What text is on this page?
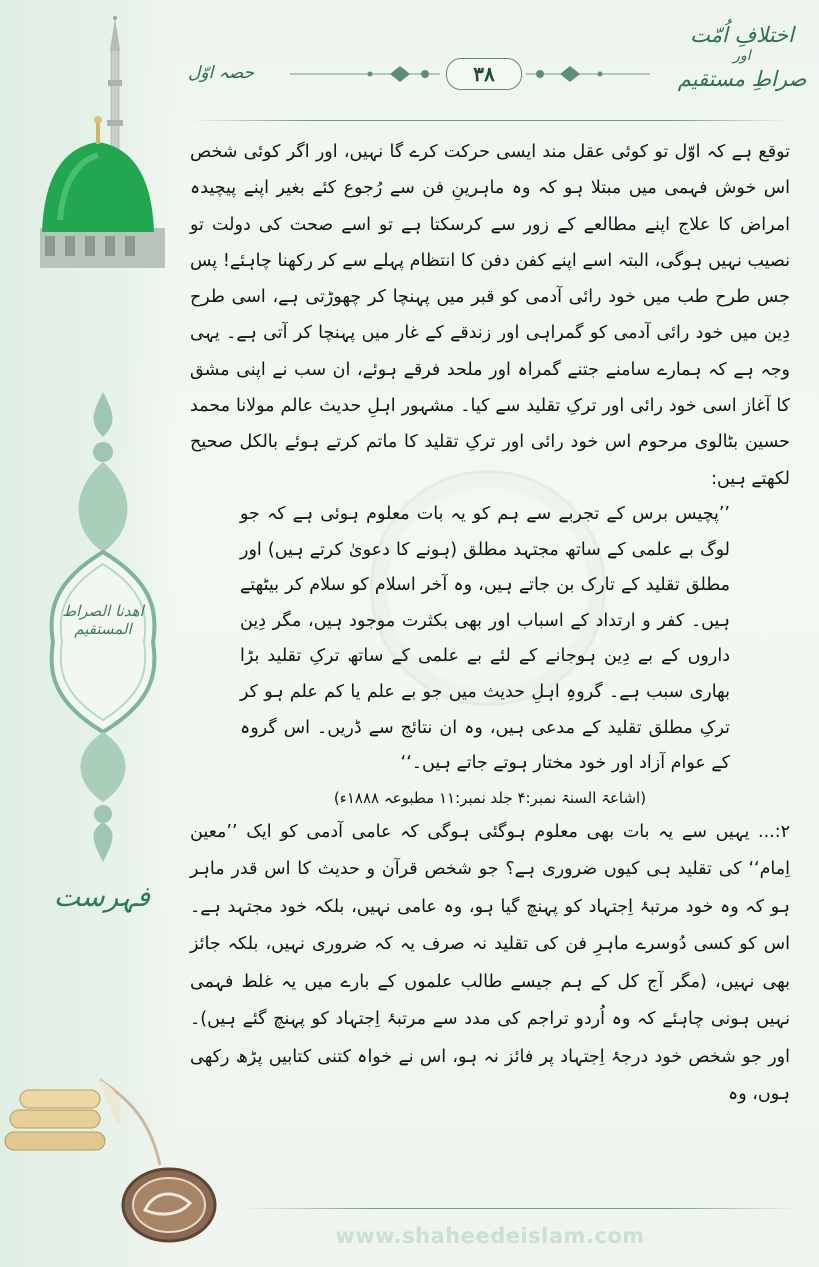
اهدنا الصراط المستقیم
فہرست
اختلافِ اُمّت
اور
صراطِ مستقیم
۳۸
حصہ اوّل

توقع ہے کہ اوّل تو کوئی عقل مند ایسی حرکت کرے گا نہیں، اور اگر کوئی شخص اس خوش فہمی میں مبتلا ہو کہ وہ ماہرینِ فن سے رُجوع کئے بغیر اپنے پیچیدہ امراض کا علاج اپنے مطالعے کے زور سے کرسکتا ہے تو اسے صحت کی دولت تو نصیب نہیں ہوگی، البتہ اسے اپنے کفن دفن کا انتظام پہلے سے کر رکھنا چاہئے! پس جس طرح طب میں خود رائی آدمی کو قبر میں پہنچا کر چھوڑتی ہے، اسی طرح دِین میں خود رائی آدمی کو گمراہی اور زندقے کے غار میں پہنچا کر آتی ہے۔ یہی وجہ ہے کہ ہمارے سامنے جتنے گمراہ اور ملحد فرقے ہوئے، ان سب نے اپنی مشق کا آغاز اسی خود رائی اور ترکِ تقلید سے کیا۔ مشہور اہلِ حدیث عالم مولانا محمد حسین بٹالوی مرحوم اس خود رائی اور ترکِ تقلید کا ماتم کرتے ہوئے بالکل صحیح لکھتے ہیں:

’’پچیس برس کے تجربے سے ہم کو یہ بات معلوم ہوئی ہے کہ جو لوگ بے علمی کے ساتھ مجتہد مطلق (ہونے کا دعویٰ کرتے ہیں) اور مطلق تقلید کے تارک بن جاتے ہیں، وہ آخر اسلام کو سلام کر بیٹھتے ہیں۔ کفر و ارتداد کے اسباب اور بھی بکثرت موجود ہیں، مگر دِین داروں کے بے دِین ہوجانے کے لئے بے علمی کے ساتھ ترکِ تقلید بڑا بھاری سبب ہے۔ گروہِ اہلِ حدیث میں جو بے علم یا کم علم ہو کر ترکِ مطلق تقلید کے مدعی ہیں، وہ ان نتائج سے ڈریں۔ اس گروہ کے عوام آزاد اور خود مختار ہوتے جاتے ہیں۔‘‘

(اشاعۃ السنۃ نمبر:۴ جلد نمبر:۱۱ مطبوعہ ۱۸۸۸ء)

۲:... یہیں سے یہ بات بھی معلوم ہوگئی ہوگی کہ عامی آدمی کو ایک ’’معین اِمام‘‘ کی تقلید ہی کیوں ضروری ہے؟ جو شخص قرآن و حدیث کا اس قدر ماہر ہو کہ وہ خود مرتبۂ اِجتہاد کو پہنچ گیا ہو، وہ عامی نہیں، بلکہ خود مجتہد ہے۔ اس کو کسی دُوسرے ماہرِ فن کی تقلید نہ صرف یہ کہ ضروری نہیں، بلکہ جائز بھی نہیں، (مگر آج کل کے ہم جیسے طالب علموں کے بارے میں یہ غلط فہمی نہیں ہونی چاہئے کہ وہ اُردو تراجم کی مدد سے مرتبۂ اِجتہاد کو پہنچ گئے ہیں)۔ اور جو شخص خود درجۂ اِجتہاد پر فائز نہ ہو، اس نے خواہ کتنی کتابیں پڑھ رکھی ہوں، وہ

www.shaheedeislam.com
